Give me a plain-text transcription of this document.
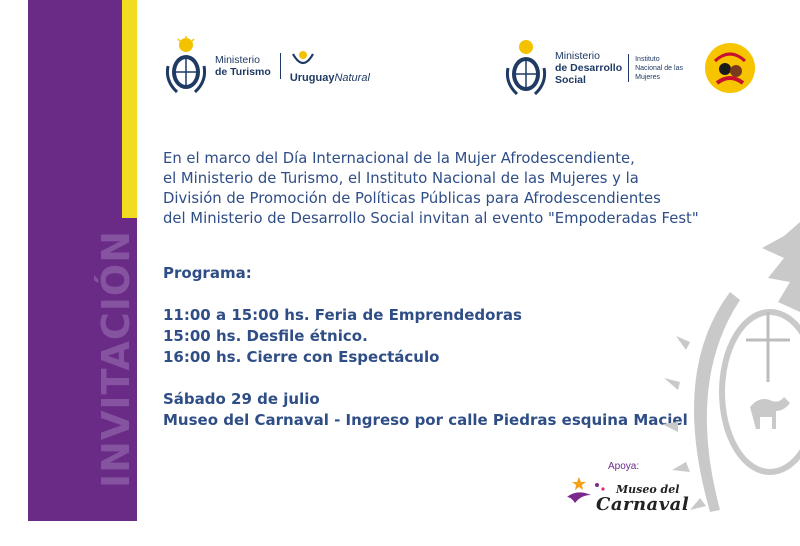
INVITACIÓN
Ministerio
de Turismo UruguayNatural
Ministerio
de Desarrollo
Social
Instituto
Nacional de las
Mujeres
En el marco del Día Internacional de la Mujer Afrodescendiente,
el Ministerio de Turismo, el Instituto Nacional de las Mujeres y la
División de Promoción de Políticas Públicas para Afrodescendientes
del Ministerio de Desarrollo Social invitan al evento "Empoderadas Fest"
Programa:
11:00 a 15:00 hs. Feria de Emprendedoras
15:00 hs. Desfile étnico.
16:00 hs. Cierre con Espectáculo
Sábado 29 de julio
Museo del Carnaval - Ingreso por calle Piedras esquina Maciel
Apoya:
Museo del
Carnaval
